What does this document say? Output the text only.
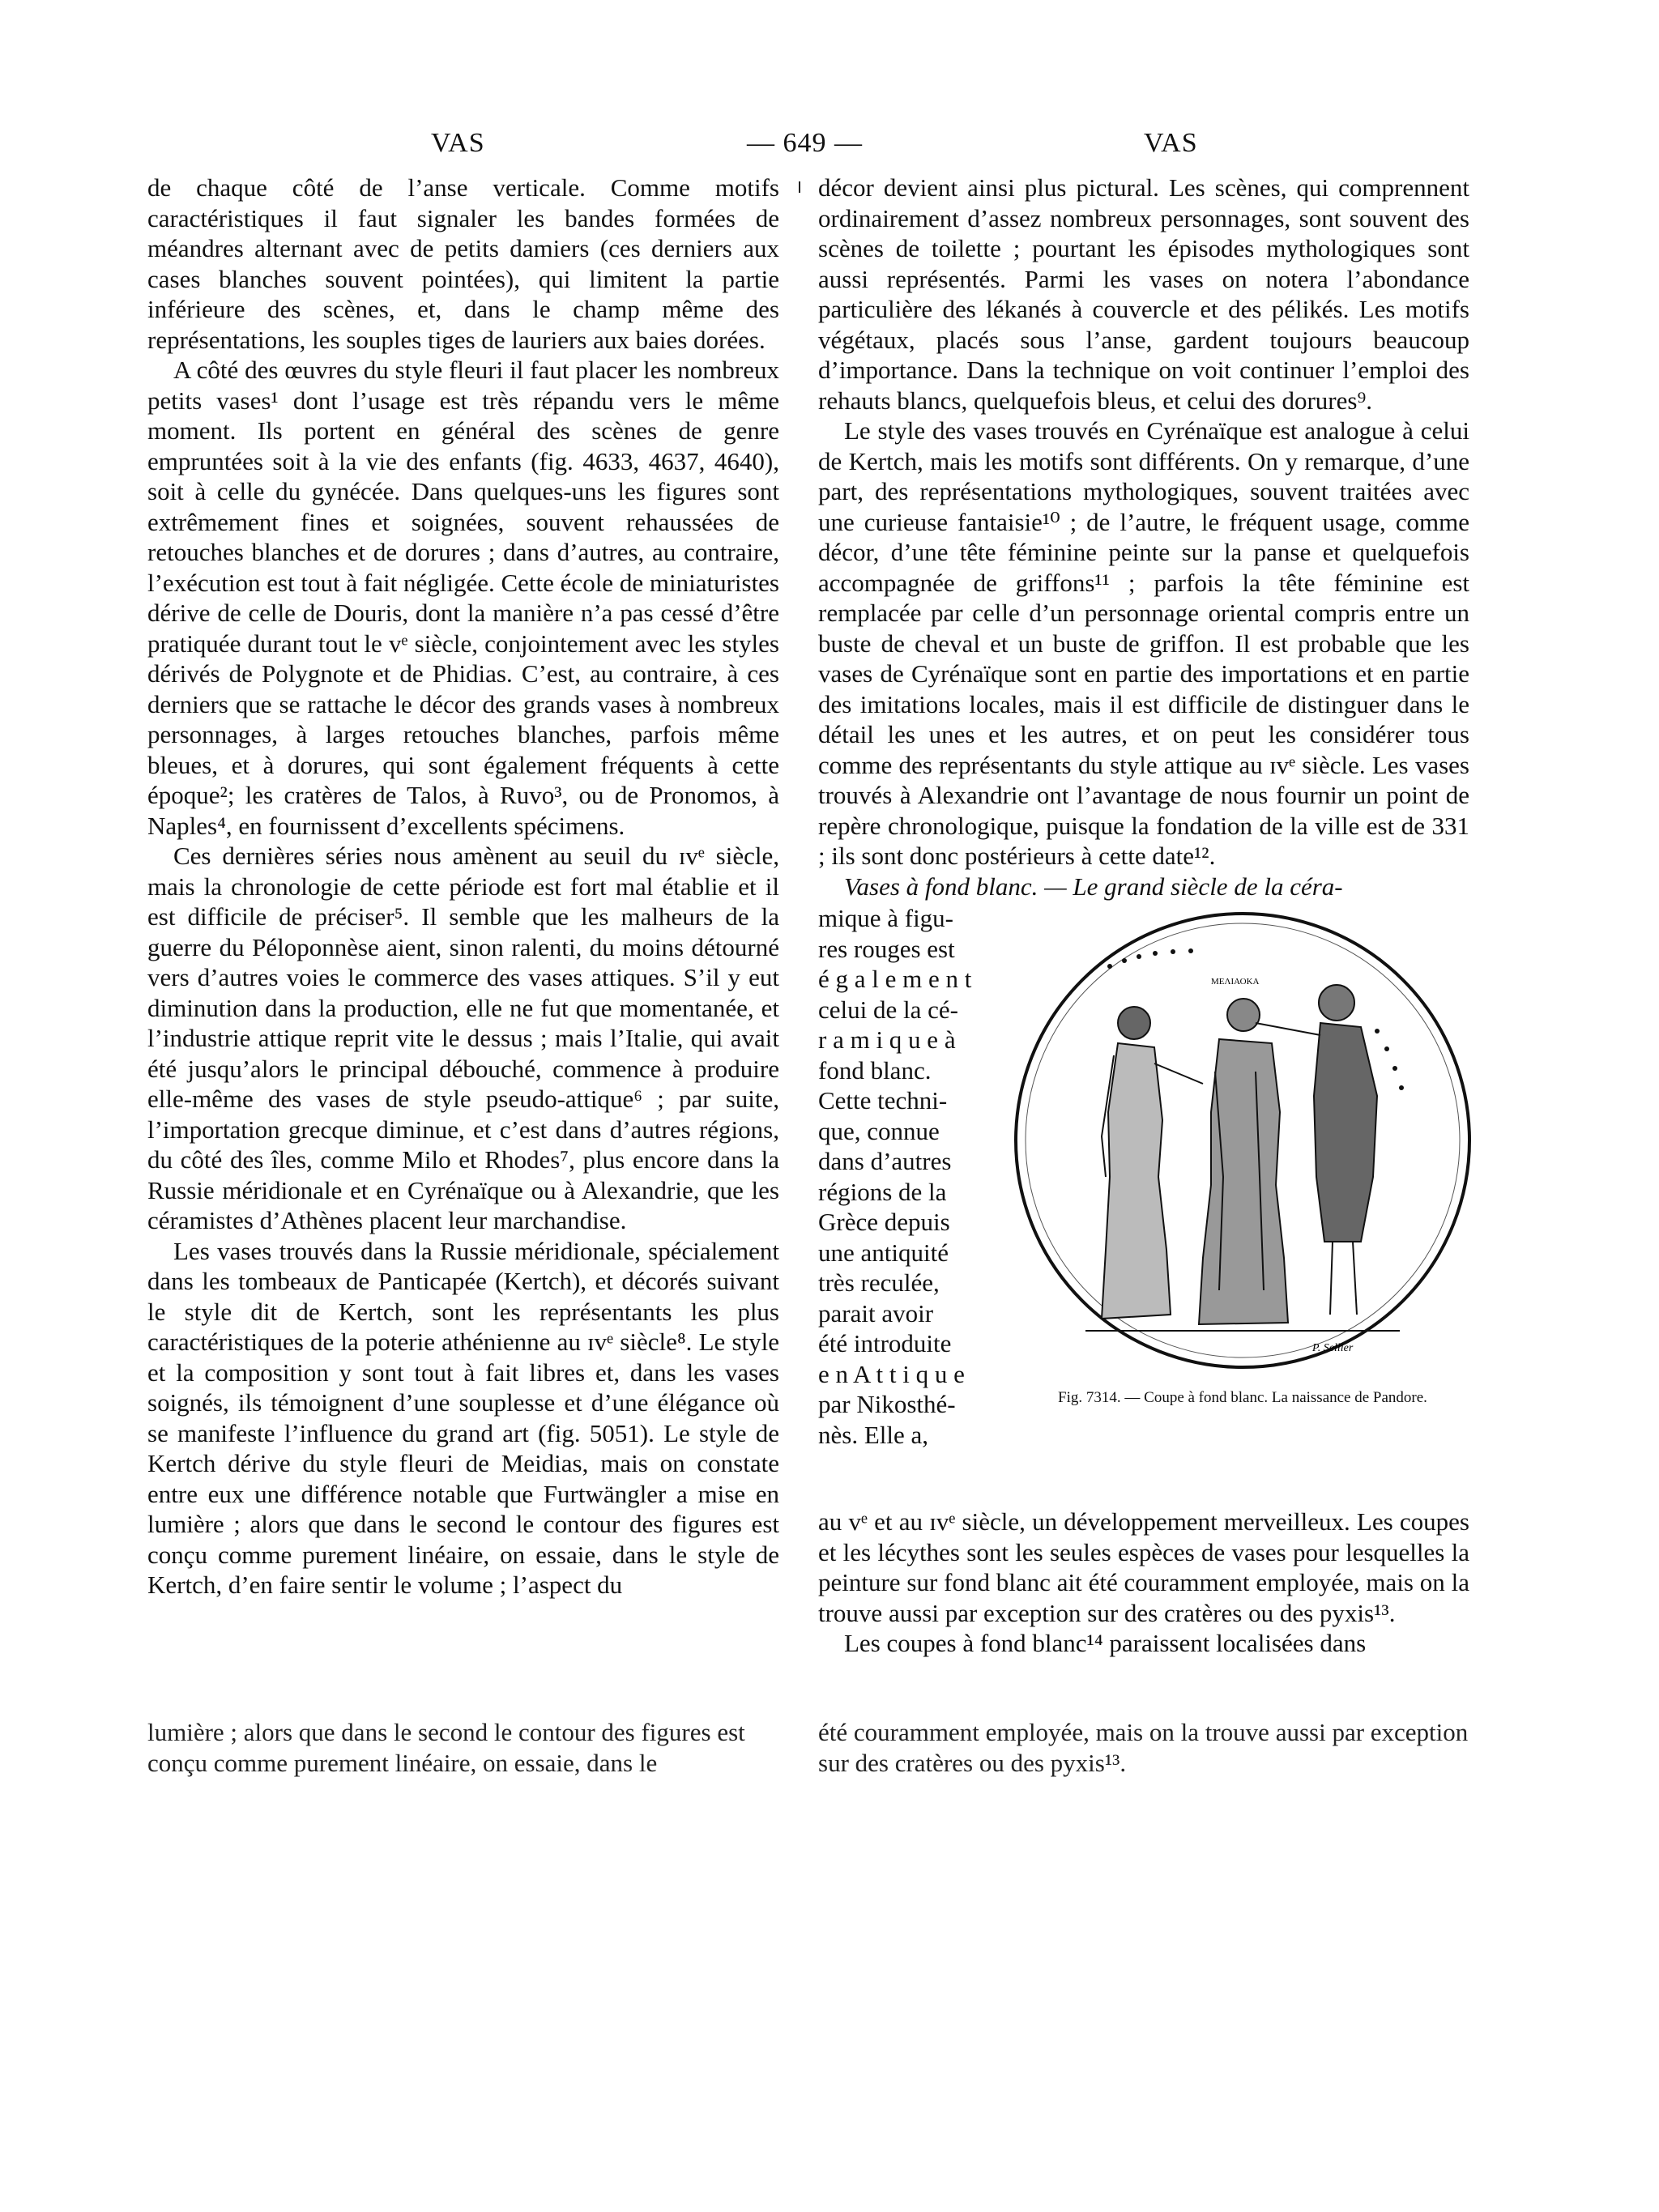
VAS	— 649 —	VAS

de chaque côté de l’anse verticale. Comme motifs caractéristiques il faut signaler les bandes formées de méandres alternant avec de petits damiers (ces derniers aux cases blanches souvent pointées), qui limitent la partie inférieure des scènes, et, dans le champ même des représentations, les souples tiges de lauriers aux baies dorées.

A côté des œuvres du style fleuri il faut placer les nombreux petits vases¹ dont l’usage est très répandu vers le même moment. Ils portent en général des scènes de genre empruntées soit à la vie des enfants (fig. 4633, 4637, 4640), soit à celle du gynécée. Dans quelques-uns les figures sont extrêmement fines et soignées, souvent rehaussées de retouches blanches et de dorures ; dans d’autres, au contraire, l’exécution est tout à fait négligée. Cette école de miniaturistes dérive de celle de Douris, dont la manière n’a pas cessé d’être pratiquée durant tout le vᵉ siècle, conjointement avec les styles dérivés de Polygnote et de Phidias. C’est, au contraire, à ces derniers que se rattache le décor des grands vases à nombreux personnages, à larges retouches blanches, parfois même bleues, et à dorures, qui sont également fréquents à cette époque²; les cratères de Talos, à Ruvo³, ou de Pronomos, à Naples⁴, en fournissent d’excellents spécimens.

Ces dernières séries nous amènent au seuil du ɪvᵉ siècle, mais la chronologie de cette période est fort mal établie et il est difficile de préciser⁵. Il semble que les malheurs de la guerre du Péloponnèse aient, sinon ralenti, du moins détourné vers d’autres voies le commerce des vases attiques. S’il y eut diminution dans la production, elle ne fut que momentanée, et l’industrie attique reprit vite le dessus ; mais l’Italie, qui avait été jusqu’alors le principal débouché, commence à produire elle-même des vases de style pseudo-attique⁶ ; par suite, l’importation grecque diminue, et c’est dans d’autres régions, du côté des îles, comme Milo et Rhodes⁷, plus encore dans la Russie méridionale et en Cyrénaïque ou à Alexandrie, que les céramistes d’Athènes placent leur marchandise.

Les vases trouvés dans la Russie méridionale, spécialement dans les tombeaux de Panticapée (Kertch), et décorés suivant le style dit de Kertch, sont les représentants les plus caractéristiques de la poterie athénienne au ɪvᵉ siècle⁸. Le style et la composition y sont tout à fait libres et, dans les vases soignés, ils témoignent d’une souplesse et d’une élégance où se manifeste l’influence du grand art (fig. 5051). Le style de Kertch dérive du style fleuri de Meidias, mais on constate entre eux une différence notable que Furtwängler a mise en lumière ; alors que dans le second le contour des figures est conçu comme purement linéaire, on essaie, dans le style de Kertch, d’en faire sentir le volume ; l’aspect du

décor devient ainsi plus pictural. Les scènes, qui comprennent ordinairement d’assez nombreux personnages, sont souvent des scènes de toilette ; pourtant les épisodes mythologiques sont aussi représentés. Parmi les vases on notera l’abondance particulière des lékanés à couvercle et des pélikés. Les motifs végétaux, placés sous l’anse, gardent toujours beaucoup d’importance. Dans la technique on voit continuer l’emploi des rehauts blancs, quelquefois bleus, et celui des dorures⁹.

Le style des vases trouvés en Cyrénaïque est analogue à celui de Kertch, mais les motifs sont différents. On y remarque, d’une part, des représentations mythologiques, souvent traitées avec une curieuse fantaisie¹⁰ ; de l’autre, le fréquent usage, comme décor, d’une tête féminine peinte sur la panse et quelquefois accompagnée de griffons¹¹ ; parfois la tête féminine est remplacée par celle d’un personnage oriental compris entre un buste de cheval et un buste de griffon. Il est probable que les vases de Cyrénaïque sont en partie des importations et en partie des imitations locales, mais il est difficile de distinguer dans le détail les unes et les autres, et on peut les considérer tous comme des représentants du style attique au ɪvᵉ siècle. Les vases trouvés à Alexandrie ont l’avantage de nous fournir un point de repère chronologique, puisque la fondation de la ville est de 331 ; ils sont donc postérieurs à cette date¹².

Vases à fond blanc. — Le grand siècle de la céra-

mique à figu-
res rouges est
é g a l e m e n t
celui de la cé-
r a m i q u e à
fond blanc.
Cette techni-
que, connue
dans d’autres
régions de la
Grèce depuis
une antiquité
très reculée,
parait avoir
été introduite
e n A t t i q u e
par Nikosthé-
nès. Elle a,
ΜΕΛΙΑΟΚΑ
P. Sellier
Fig. 7314. — Coupe à fond blanc. La naissance de Pandore.

au vᵉ et au ɪvᵉ siècle, un développement merveilleux. Les coupes et les lécythes sont les seules espèces de vases pour lesquelles la peinture sur fond blanc ait été couramment employée, mais on la trouve aussi par exception sur des cratères ou des pyxis¹³.

Les coupes à fond blanc¹⁴ paraissent localisées dans

lumière ; alors que dans le second le contour des figures est conçu comme purement linéaire, on essaie, dans le
été couramment employée, mais on la trouve aussi par exception sur des cratères ou des pyxis¹³.
